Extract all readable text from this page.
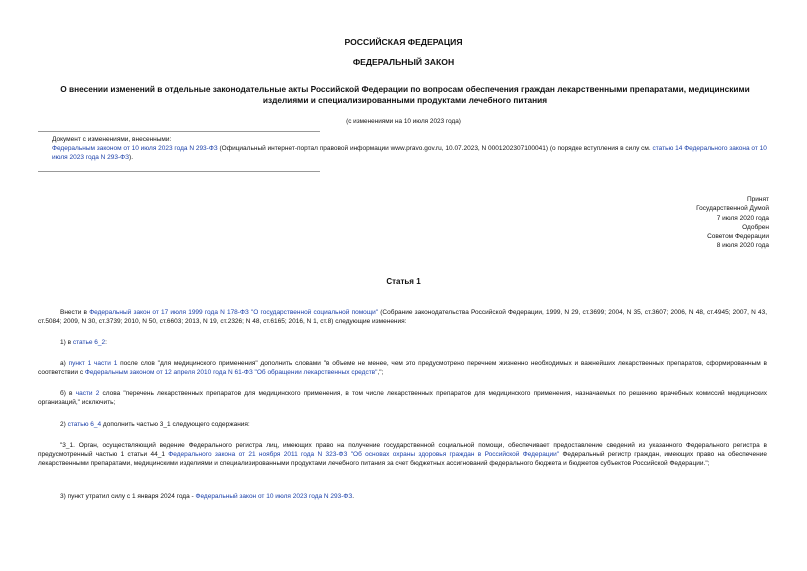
РОССИЙСКАЯ ФЕДЕРАЦИЯ
ФЕДЕРАЛЬНЫЙ ЗАКОН
О внесении изменений в отдельные законодательные акты Российской Федерации по вопросам обеспечения граждан лекарственными препаратами, медицинскими изделиями и специализированными продуктами лечебного питания
(с изменениями на 10 июля 2023 года)

Документ с изменениями, внесенными:

Федеральным законом от 10 июля 2023 года N 293-ФЗ (Официальный интернет-портал правовой информации www.pravo.gov.ru, 10.07.2023, N 0001202307100041) (о порядке вступления в силу см. статью 14 Федерального закона от 10 июля 2023 года N 293-ФЗ).

Принят
Государственной Думой
7 июля 2020 года
Одобрен
Советом Федерации
8 июля 2020 года
Статья 1

Внести в Федеральный закон от 17 июля 1999 года N 178-ФЗ "О государственной социальной помощи" (Собрание законодательства Российской Федерации, 1999, N 29, ст.3699; 2004, N 35, ст.3607; 2006, N 48, ст.4945; 2007, N 43, ст.5084; 2009, N 30, ст.3739; 2010, N 50, ст.6603; 2013, N 19, ст.2326; N 48, ст.6165; 2016, N 1, ст.8) следующие изменения:

1) в статье 6_2:

а) пункт 1 части 1 после слов "для медицинского применения" дополнить словами "в объеме не менее, чем это предусмотрено перечнем жизненно необходимых и важнейших лекарственных препаратов, сформированным в соответствии с Федеральным законом от 12 апреля 2010 года N 61-ФЗ "Об обращении лекарственных средств",";

б) в части 2 слова "перечень лекарственных препаратов для медицинского применения, в том числе лекарственных препаратов для медицинского применения, назначаемых по решению врачебных комиссий медицинских организаций," исключить;

2) статью 6_4 дополнить частью 3_1 следующего содержания:

"3_1. Орган, осуществляющий ведение Федерального регистра лиц, имеющих право на получение государственной социальной помощи, обеспечивает предоставление сведений из указанного Федерального регистра в предусмотренный частью 1 статьи 44_1 Федерального закона от 21 ноября 2011 года N 323-ФЗ "Об основах охраны здоровья граждан в Российской Федерации" Федеральный регистр граждан, имеющих право на обеспечение лекарственными препаратами, медицинскими изделиями и специализированными продуктами лечебного питания за счет бюджетных ассигнований федерального бюджета и бюджетов субъектов Российской Федерации.";

3) пункт утратил силу с 1 января 2024 года - Федеральный закон от 10 июля 2023 года N 293-ФЗ.
